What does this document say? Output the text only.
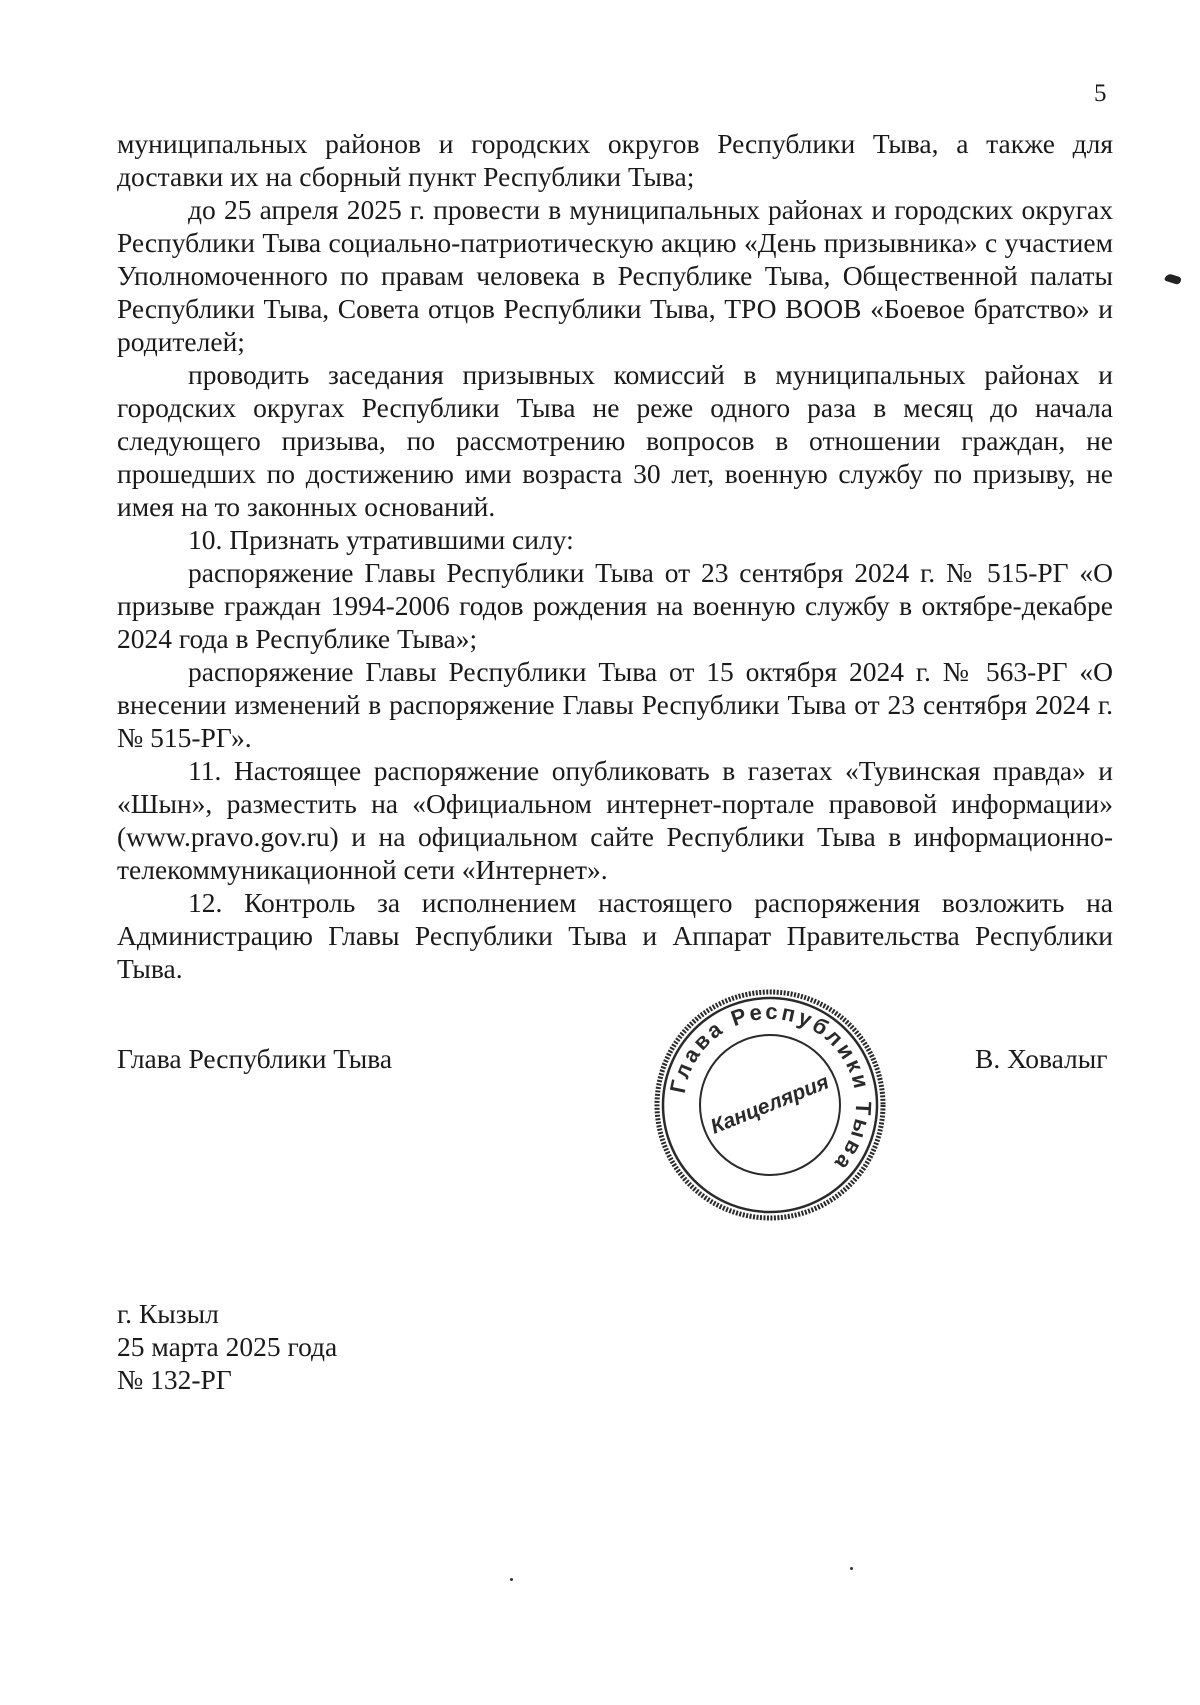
5

муниципальных районов и городских округов Республики Тыва, а также для доставки их на сборный пункт Республики Тыва;

до 25 апреля 2025 г. провести в муниципальных районах и городских округах Республики Тыва социально-патриотическую акцию «День призывника» с участием Уполномоченного по правам человека в Республике Тыва, Общественной палаты Республики Тыва, Совета отцов Республики Тыва, ТРО ВООВ «Боевое братство» и родителей;

проводить заседания призывных комиссий в муниципальных районах и городских округах Республики Тыва не реже одного раза в месяц до начала следующего призыва, по рассмотрению вопросов в отношении граждан, не прошедших по достижению ими возраста 30 лет, военную службу по призыву, не имея на то законных оснований.

10. Признать утратившими силу:

распоряжение Главы Республики Тыва от 23 сентября 2024 г. № 515-РГ «О призыве граждан 1994-2006 годов рождения на военную службу в октябре-декабре 2024 года в Республике Тыва»;

распоряжение Главы Республики Тыва от 15 октября 2024 г. № 563-РГ «О внесении изменений в распоряжение Главы Республики Тыва от 23 сентября 2024 г. № 515-РГ».

11. Настоящее распоряжение опубликовать в газетах «Тувинская правда» и «Шын», разместить на «Официальном интернет-портале правовой информации» (www.pravo.gov.ru) и на официальном сайте Республики Тыва в информационно-телекоммуникационной сети «Интернет».

12. Контроль за исполнением настоящего распоряжения возложить на Администрацию Главы Республики Тыва и Аппарат Правительства Республики Тыва.

Глава Республики Тыва	В. Ховалыг
Глава Республики Тыва
Канцелярия
г. Кызыл
25 марта 2025 года
№ 132-РГ
